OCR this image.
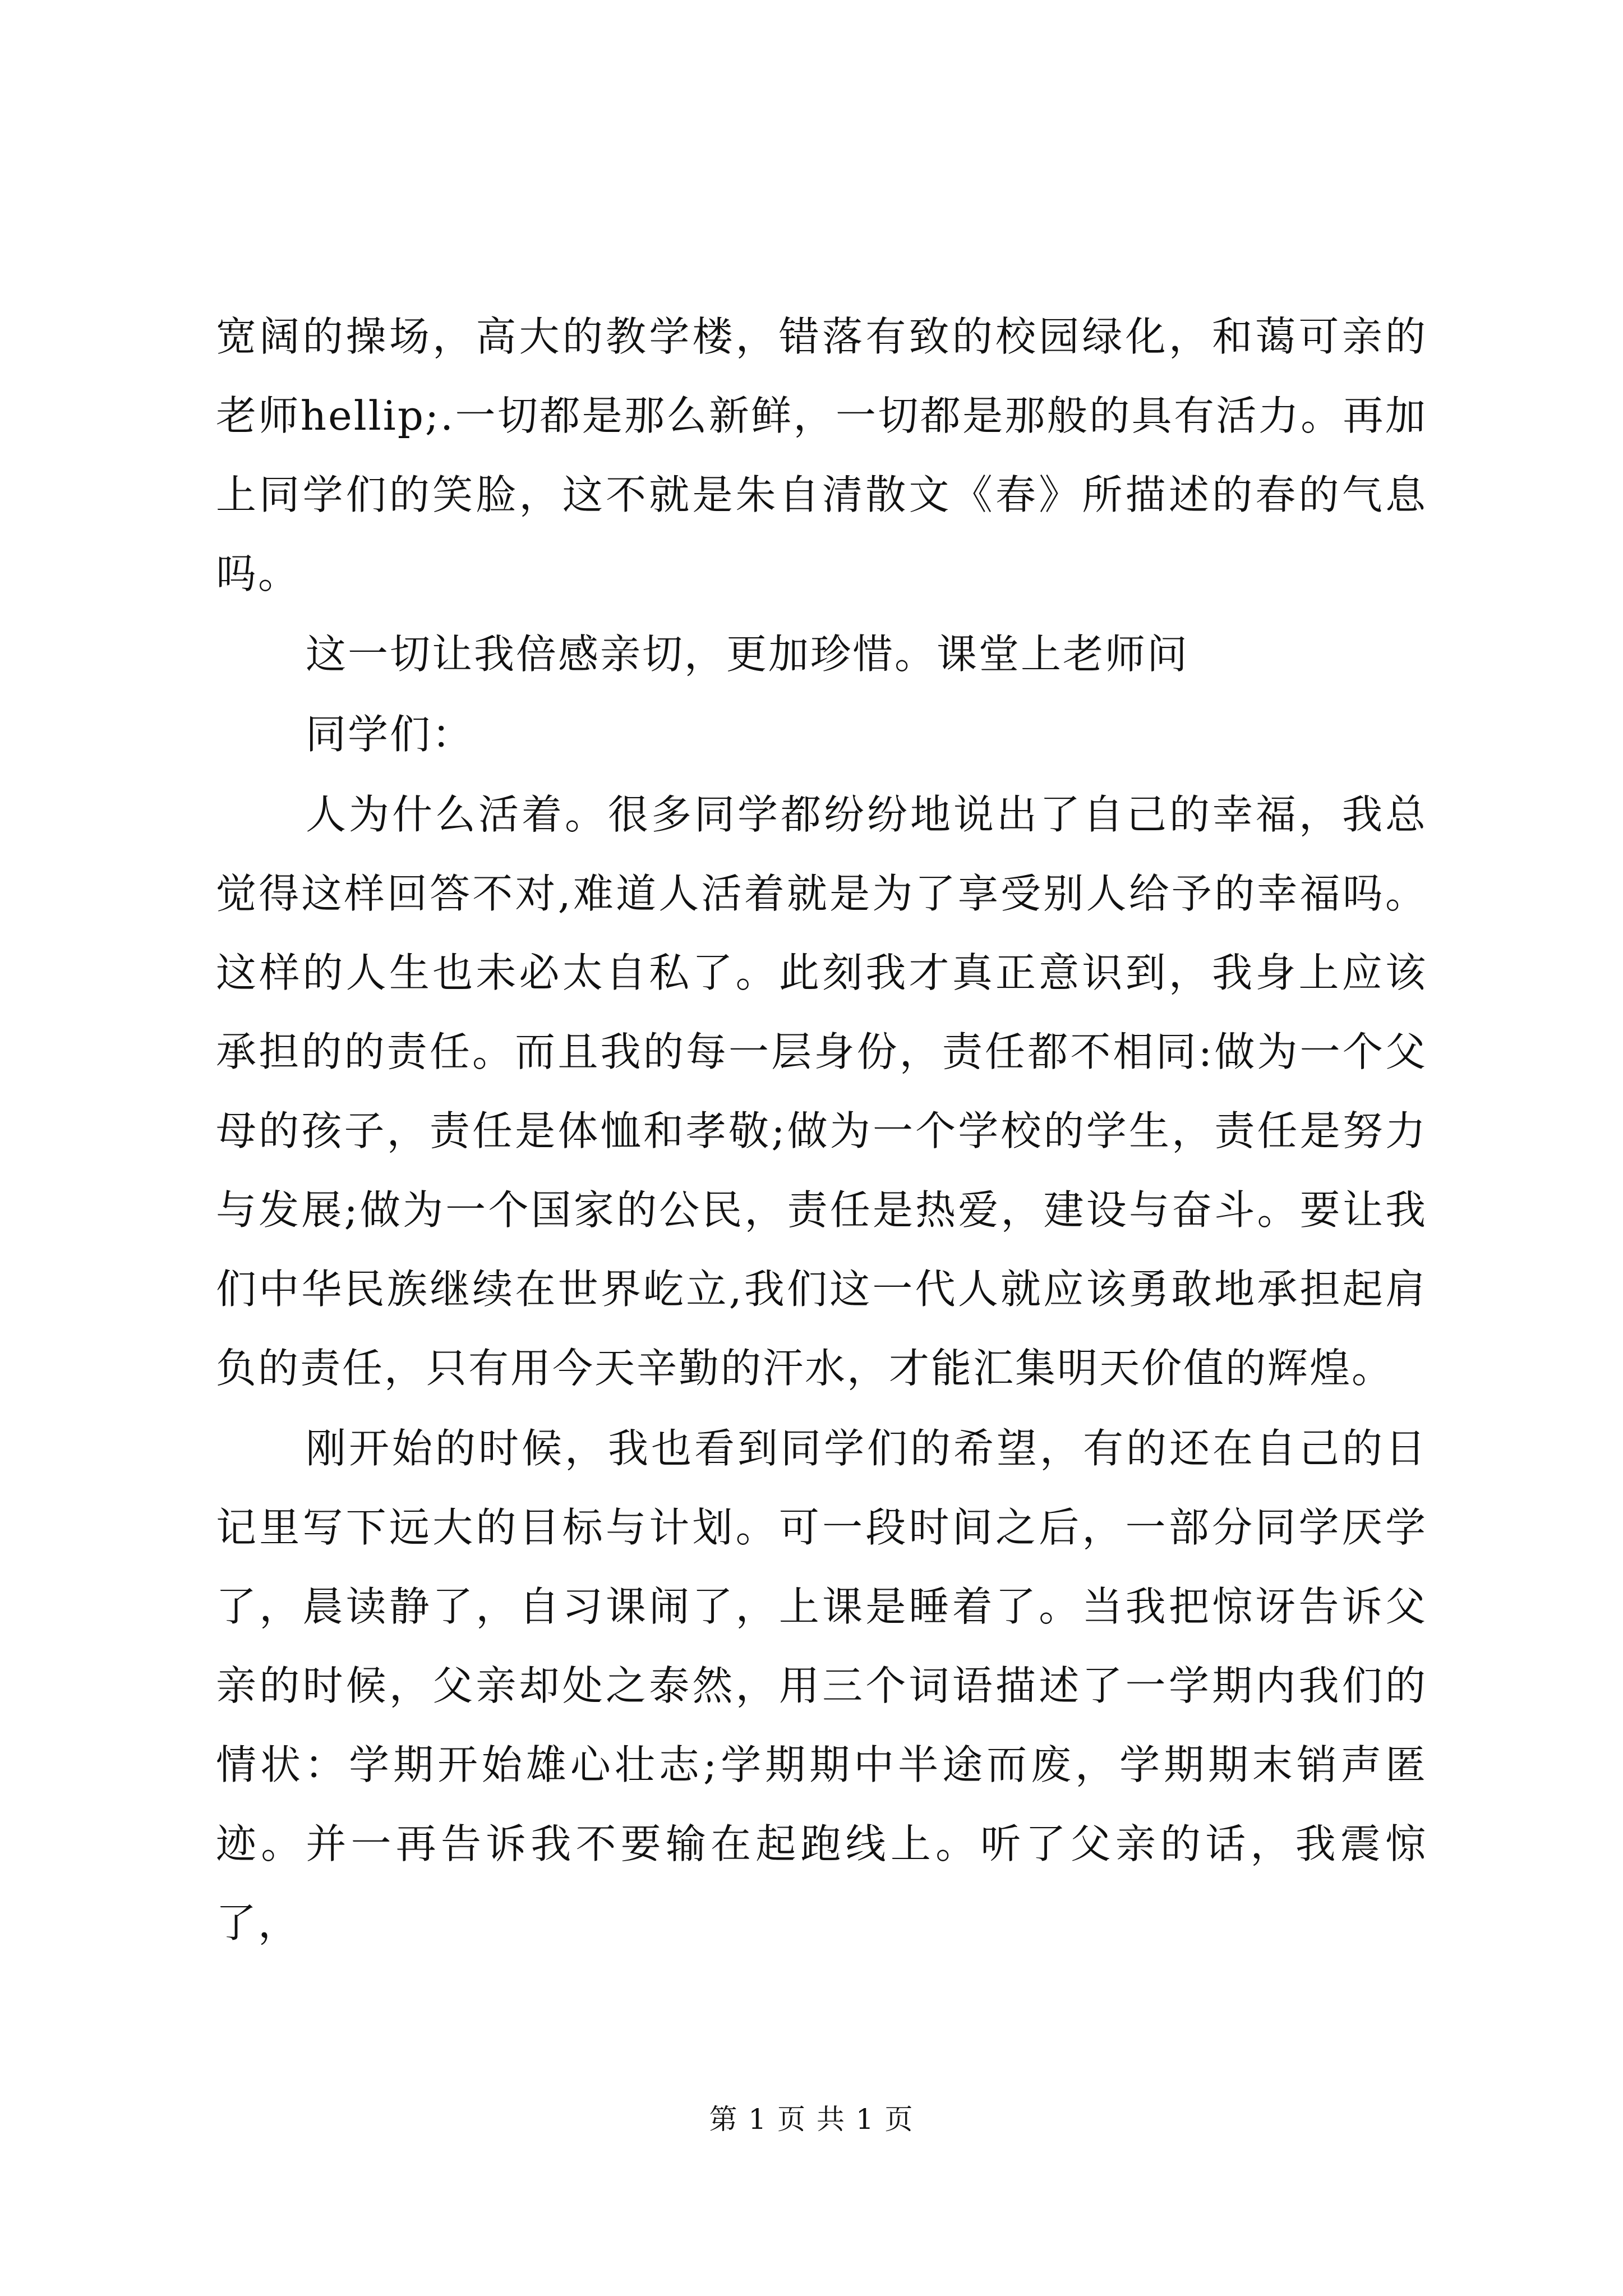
宽阔的操场，高大的教学楼，错落有致的校园绿化，和蔼可亲的老师hellip;.一切都是那么新鲜，一切都是那般的具有活力。再加上同学们的笑脸，这不就是朱自清散文《春》所描述的春的气息吗。

这一切让我倍感亲切，更加珍惜。课堂上老师问

同学们：

人为什么活着。很多同学都纷纷地说出了自己的幸福，我总觉得这样回答不对,难道人活着就是为了享受别人给予的幸福吗。这样的人生也未必太自私了。此刻我才真正意识到，我身上应该承担的的责任。而且我的每一层身份，责任都不相同:做为一个父母的孩子，责任是体恤和孝敬;做为一个学校的学生，责任是努力与发展;做为一个国家的公民，责任是热爱，建设与奋斗。要让我们中华民族继续在世界屹立,我们这一代人就应该勇敢地承担起肩负的责任，只有用今天辛勤的汗水，才能汇集明天价值的辉煌。

刚开始的时候，我也看到同学们的希望，有的还在自己的日记里写下远大的目标与计划。可一段时间之后，一部分同学厌学了，晨读静了，自习课闹了，上课是睡着了。当我把惊讶告诉父亲的时候，父亲却处之泰然，用三个词语描述了一学期内我们的情状：学期开始雄心壮志;学期期中半途而废，学期期末销声匿迹。并一再告诉我不要输在起跑线上。听了父亲的话，我震惊了，

第 1 页 共 1 页
